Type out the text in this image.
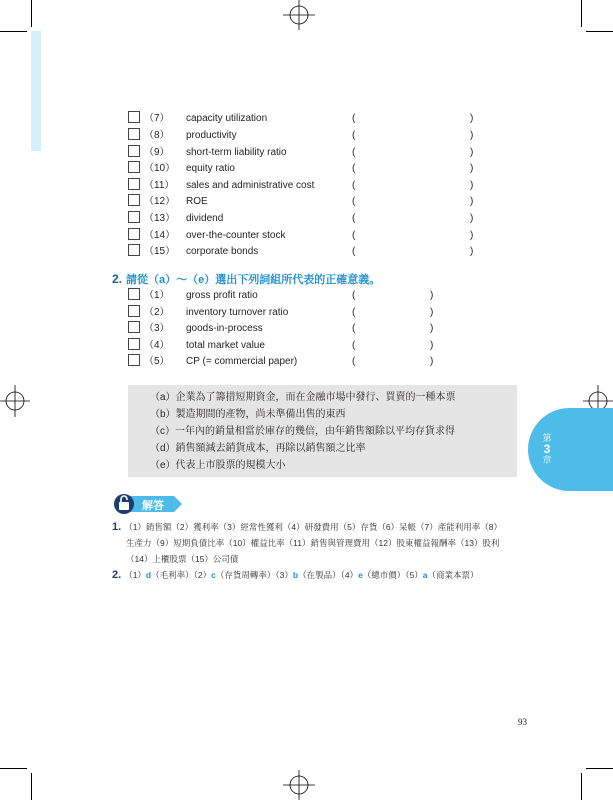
（7） capacity utilization	(	)
（8） productivity	(	)
（9） short-term liability ratio	(	)
（10） equity ratio	(	)
（11） sales and administrative cost	(	)
（12） ROE	(	)
（13） dividend	(	)
（14） over-the-counter stock	(	)
（15） corporate bonds	(	)
2. 請從（a）～（e）選出下列詞組所代表的正確意義。
（1） gross profit ratio	(	)
（2） inventory turnover ratio	(	)
（3） goods-in-process	(	)
（4） total market value	(	)
（5） CP (= commercial paper)	(	)
（a）企業為了籌措短期資金，而在金融市場中發行、買賣的一種本票
（b）製造期間的產物，尚未準備出售的東西
（c）一年內的銷量相當於庫存的幾倍，由年銷售額除以平均存貨求得
（d）銷售額減去銷貨成本，再除以銷售額之比率
（e）代表上市股票的規模大小
第
3
章
解答
1. （1）銷售額（2）獲利率（3）經常性獲利（4）研發費用（5）存貨（6）呆帳（7）產能利用率（8）
生產力（9）短期負債比率（10）權益比率（11）銷售與管理費用（12）股東權益報酬率（13）股利
（14）上櫃股票（15）公司債
2. （1）d（毛利率）（2）c（存貨周轉率）（3）b（在製品）（4）e（總市價）（5）a（商業本票）
93
